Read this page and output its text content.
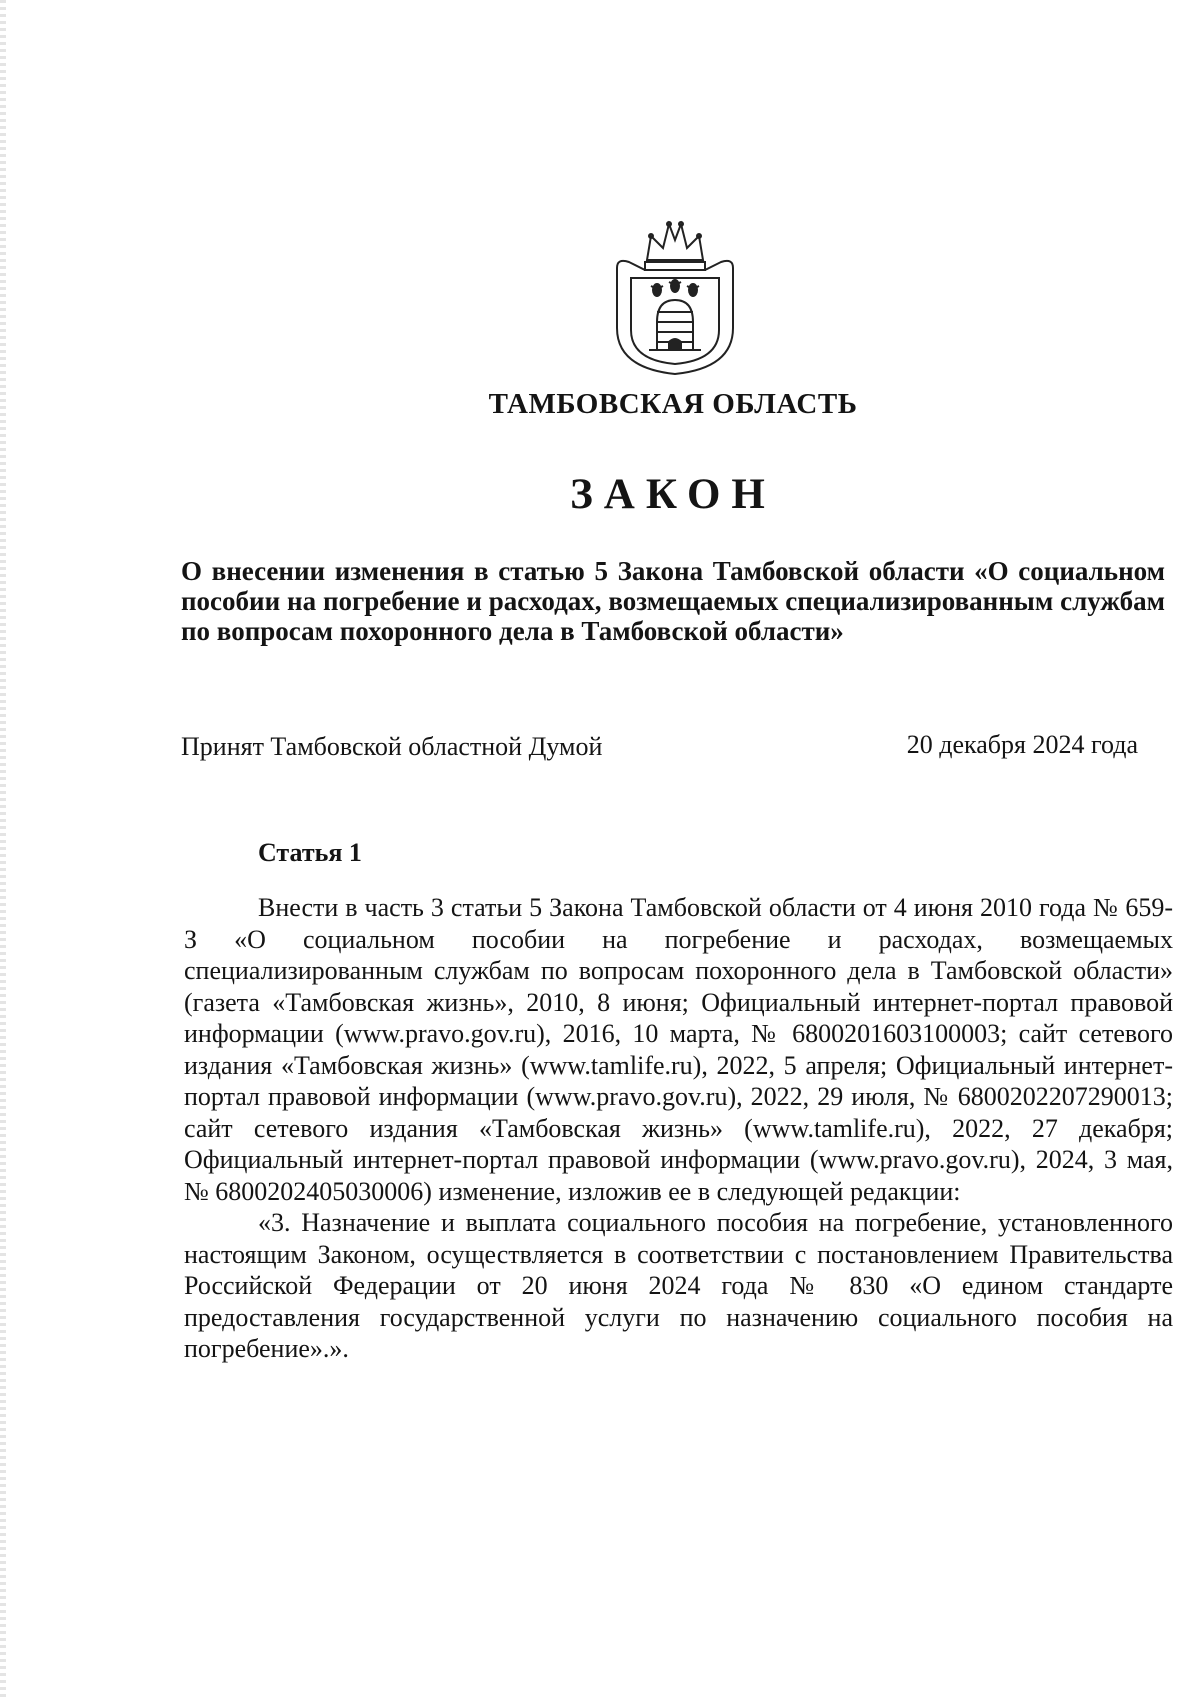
ТАМБОВСКАЯ ОБЛАСТЬ
ЗАКОН
О внесении изменения в статью 5 Закона Тамбовской области «О социальном пособии на погребение и расходах, возмещаемых специализированным службам по вопросам похоронного дела в Тамбовской области»
Принят Тамбовской областной Думой	20 декабря 2024 года
Статья 1

Внести в часть 3 статьи 5 Закона Тамбовской области от 4 июня 2010 года № 659-З «О социальном пособии на погребение и расходах, возмещаемых специализированным службам по вопросам похоронного дела в Тамбовской области» (газета «Тамбовская жизнь», 2010, 8 июня; Официальный интернет-портал правовой информации (www.pravo.gov.ru), 2016, 10 марта, № 6800201603100003; сайт сетевого издания «Тамбовская жизнь» (www.tamlife.ru), 2022, 5 апреля; Официальный интернет-портал правовой информации (www.pravo.gov.ru), 2022, 29 июля, № 6800202207290013; сайт сетевого издания «Тамбовская жизнь» (www.tamlife.ru), 2022, 27 декабря; Официальный интернет-портал правовой информации (www.pravo.gov.ru), 2024, 3 мая, № 6800202405030006) изменение, изложив ее в следующей редакции:

«3. Назначение и выплата социального пособия на погребение, установленного настоящим Законом, осуществляется в соответствии с постановлением Правительства Российской Федерации от 20 июня 2024 года № 830 «О едином стандарте предоставления государственной услуги по назначению социального пособия на погребение».».
